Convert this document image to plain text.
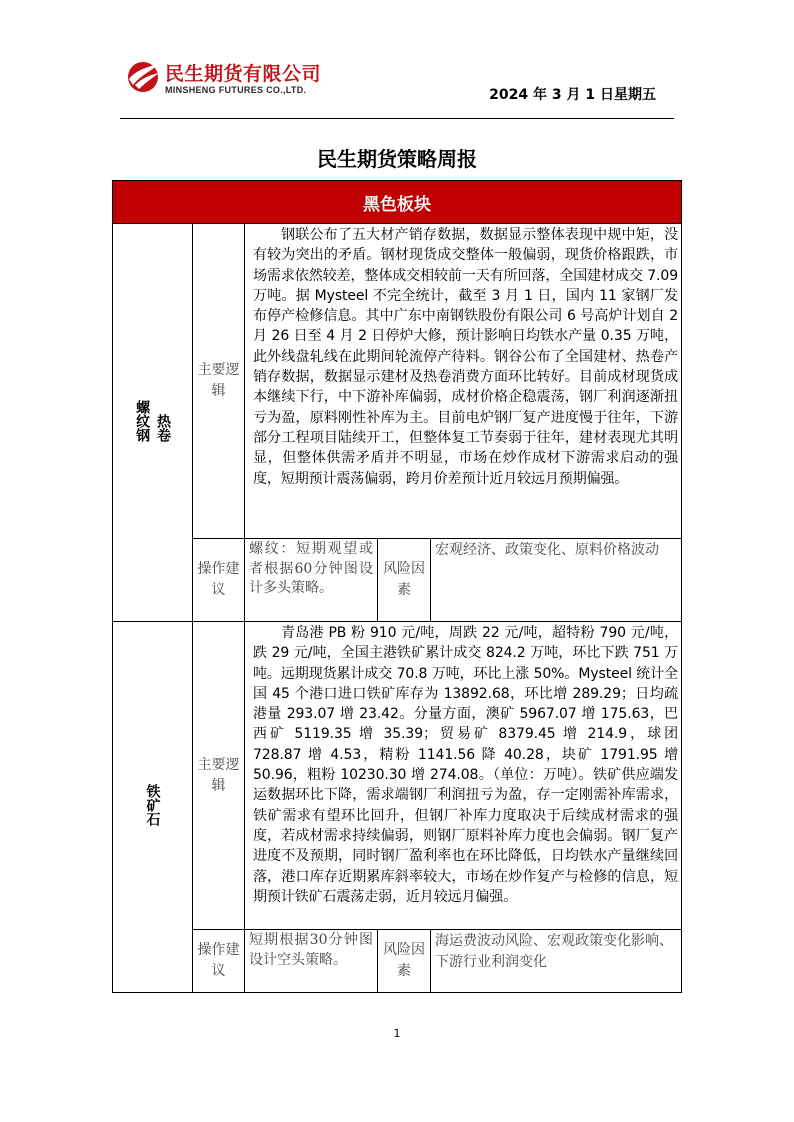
民生期货有限公司
MINSHENG FUTURES CO.,LTD.	2024 年 3 月 1 日星期五
民生期货策略周报
黑色板块				
螺纹钢 热卷	主要逻辑	钢联公布了五大材产销存数据，数据显示整体表现中规中矩，没有较为突出的矛盾。钢材现货成交整体一般偏弱，现货价格跟跌，市场需求依然较差，整体成交相较前一天有所回落，全国建材成交 7.09 万吨。据 Mysteel 不完全统计，截至 3 月 1 日，国内 11 家钢厂发布停产检修信息。其中广东中南钢铁股份有限公司 6 号高炉计划自 2 月 26 日至 4 月 2 日停炉大修，预计影响日均铁水产量 0.35 万吨，此外线盘轧线在此期间轮流停产待料。钢谷公布了全国建材、热卷产销存数据，数据显示建材及热卷消费方面环比转好。目前成材现货成本继续下行，中下游补库偏弱，成材价格企稳震荡，钢厂利润逐渐扭亏为盈，原料刚性补库为主。目前电炉钢厂复产进度慢于往年，下游部分工程项目陆续开工，但整体复工节奏弱于往年，建材表现尤其明显，但整体供需矛盾并不明显，市场在炒作成材下游需求启动的强度，短期预计震荡偏弱，跨月价差预计近月较远月预期偏强。		

	操作建议	螺纹：短期观望或者根据60分钟图设计多头策略。	风险因素	宏观经济、政策变化、原料价格波动
铁矿石	主要逻辑	青岛港 PB 粉 910 元/吨，周跌 22 元/吨，超特粉 790 元/吨，跌 29 元/吨，全国主港铁矿累计成交 824.2 万吨，环比下跌 751 万吨。远期现货累计成交 70.8 万吨，环比上涨 50%。Mysteel 统计全国 45 个港口进口铁矿库存为 13892.68，环比增 289.29；日均疏港量 293.07 增 23.42。分量方面，澳矿 5967.07 增 175.63，巴西矿 5119.35 增 35.39；贸易矿 8379.45 增 214.9，球团 728.87 增 4.53，精粉 1141.56 降 40.28，块矿 1791.95 增 50.96，粗粉 10230.30 增 274.08。（单位：万吨）。铁矿供应端发运数据环比下降，需求端钢厂利润扭亏为盈，存一定刚需补库需求，铁矿需求有望环比回升，但钢厂补库力度取决于后续成材需求的强度，若成材需求持续偏弱，则钢厂原料补库力度也会偏弱。钢厂复产进度不及预期，同时钢厂盈利率也在环比降低，日均铁水产量继续回落，港口库存近期累库斜率较大，市场在炒作复产与检修的信息，短期预计铁矿石震荡走弱，近月较远月偏强。		

	操作建议	短期根据30分钟图设计空头策略。	风险因素	海运费波动风险、宏观政策变化影响、下游行业利润变化
1
